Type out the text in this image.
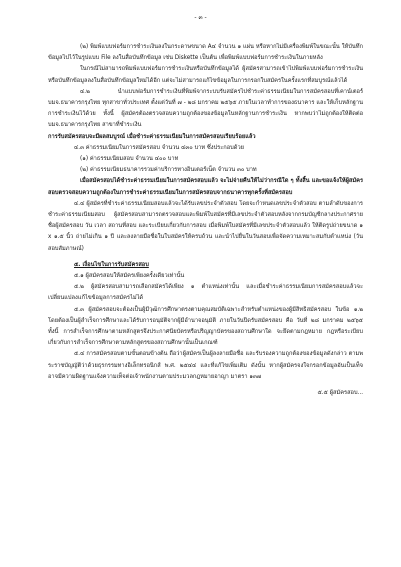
- ๓ -

(๒) พิมพ์แบบฟอร์มการชำระเงินลงในกระดาษขนาด A๔ จำนวน ๑ แผ่น หรือหากไม่มีเครื่องพิมพ์ในขณะนั้น ให้บันทึกข้อมูลไปไว้ในรูปแบบ File ลงในสื่อบันทึกข้อมูล เช่น Diskette เป็นต้น เพื่อพิมพ์แบบฟอร์มการชำระเงินในภายหลัง

ในกรณีไม่สามารถพิมพ์แบบฟอร์มการชำระเงินหรือบันทึกข้อมูลได้ ผู้สมัครสามารถเข้าไปพิมพ์แบบฟอร์มการชำระเงิน หรือบันทึกข้อมูลลงในสื่อบันทึกข้อมูลใหม่ได้อีก แต่จะไม่สามารถแก้ไขข้อมูลในการกรอกใบสมัครในครั้งแรกที่สมบูรณ์แล้วได้

๔.๒ นำแบบฟอร์มการชำระเงินที่พิมพ์จากระบบรับสมัครไปชำระค่าธรรมเนียมในการสมัครสอบที่เคาน์เตอร์ บมจ.ธนาคารกรุงไทย ทุกสาขาทั่วประเทศ ตั้งแต่วันที่ ๗ - ๒๘ มกราคม ๒๕๖๕ ภายในเวลาทำการของธนาคาร และให้เก็บหลักฐานการชำระเงินไว้ด้วย ทั้งนี้ ผู้สมัครต้องตรวจสอบความถูกต้องของข้อมูลในหลักฐานการชำระเงิน หากพบว่าไม่ถูกต้องให้ติดต่อ บมจ.ธนาคารกรุงไทย สาขาที่ชำระเงิน

การรับสมัครสอบจะมีผลสมบูรณ์ เมื่อชำระค่าธรรมเนียมในการสมัครสอบเรียบร้อยแล้ว

๔.๓ ค่าธรรมเนียมในการสมัครสอบ จำนวน ๔๓๐ บาท ซึ่งประกอบด้วย

(๑) ค่าธรรมเนียมสอบ จำนวน ๔๐๐ บาท

(๒) ค่าธรรมเนียมธนาคารรวมค่าบริการทางอินเตอร์เน็ต จำนวน ๓๐ บาท

เมื่อสมัครสอบได้ชำระค่าธรรมเนียมในการสมัครสอบแล้ว จะไม่จ่ายคืนให้ไม่ว่ากรณีใด ๆ ทั้งสิ้น และขอแจ้งให้ผู้สมัครสอบตรวจสอบความถูกต้องในการชำระค่าธรรมเนียมในการสมัครสอบจากธนาคารทุกครั้งที่สมัครสอบ

๔.๔ ผู้สมัครที่ชำระค่าธรรมเนียมสอบแล้วจะได้รับเลขประจำตัวสอบ โดยจะกำหนดเลขประจำตัวสอบ ตามลำดับของการชำระค่าธรรมเนียมสอบ ผู้สมัครสอบสามารถตรวจสอบและพิมพ์ใบสมัครที่มีเลขประจำตัวสอบหลังจากกรมบัญชีกลางประกาศรายชื่อผู้สมัครสอบ วัน เวลา สถานที่สอบ และระเบียบเกี่ยวกับการสอบ เมื่อพิมพ์ใบสมัครที่มีเลขประจำตัวสอบแล้ว ให้ติดรูปถ่ายขนาด ๑ x ๑.๕ นิ้ว ถ่ายไม่เกิน ๑ ปี และลงลายมือชื่อในใบสมัครให้ครบถ้วน และนำไปยื่นในวันสอบเพื่อจัดความเหมาะสมกับตำแหน่ง (วันสอบสัมภาษณ์)

๕. เงื่อนไขในการรับสมัครสอบ

๕.๑ ผู้สมัครสอบให้สมัครเพียงครั้งเดียวเท่านั้น

๕.๒ ผู้สมัครสอบสามารถเลือกสมัครได้เพียง ๑ ตำแหน่งเท่านั้น และเมื่อชำระค่าธรรมเนียมการสมัครสอบแล้วจะเปลี่ยนแปลงแก้ไขข้อมูลการสมัครไม่ได้

๕.๓ ผู้สมัครสอบจะต้องเป็นผู้มีวุฒิการศึกษาตรงตามคุณสมบัติเฉพาะสำหรับตำแหน่งของผู้มีสิทธิสมัครสอบ ในข้อ ๑.๒ โดยต้องเป็นผู้สำเร็จการศึกษาและได้รับการอนุมัติจากผู้มีอำนาจอนุมัติ ภายในวันปิดรับสมัครสอบ คือ วันที่ ๒๘ มกราคม ๒๕๖๕ ทั้งนี้ การสำเร็จการศึกษาตามหลักสูตรจึงประกาศนียบัตรหรือปริญญาบัตรของสถานศึกษาใด จะยึดตามกฎหมาย กฎหรือระเบียบเกี่ยวกับการสำเร็จการศึกษาตามหลักสูตรของสถานศึกษานั้นเป็นเกณฑ์

๕.๔ การสมัครสอบตามขั้นตอนข้างต้น ถือว่าผู้สมัครเป็นผู้ลงลายมือชื่อ และรับรองความถูกต้องของข้อมูลดังกล่าว ตามพระราชบัญญัติว่าด้วยธุรกรรมทางอิเล็กทรอนิกส์ พ.ศ. ๒๕๔๔ และที่แก้ไขเพิ่มเติม ดังนั้น หากผู้สมัครจงใจกรอกข้อมูลอันเป็นเท็จ อาจมีความผิดฐานแจ้งความเท็จต่อเจ้าพนักงานตามประมวลกฎหมายอาญา มาตรา ๑๓๗

๕.๕ ผู้สมัครสอบ...
